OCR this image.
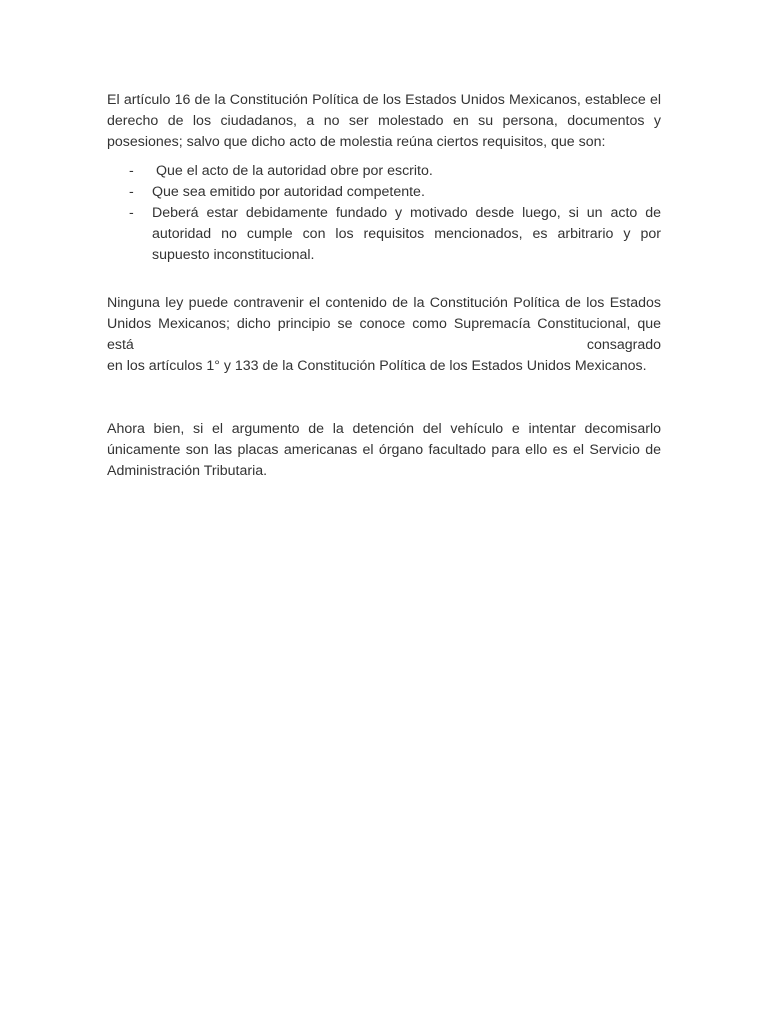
El artículo 16 de la Constitución Política de los Estados Unidos Mexicanos, establece el derecho de los ciudadanos, a no ser molestado en su persona, documentos y posesiones; salvo que dicho acto de molestia reúna ciertos requisitos, que son:

- Que el acto de la autoridad obre por escrito.
- Que sea emitido por autoridad competente.
- Deberá estar debidamente fundado y motivado desde luego, si un acto de autoridad no cumple con los requisitos mencionados, es arbitrario y por supuesto inconstitucional.

Ninguna ley puede contravenir el contenido de la Constitución Política de los Estados Unidos Mexicanos; dicho principio se conoce como Supremacía Constitucional, que está consagrado
en los artículos 1° y 133 de la Constitución Política de los Estados Unidos Mexicanos.

Ahora bien, si el argumento de la detención del vehículo e intentar decomisarlo únicamente son las placas americanas el órgano facultado para ello es el Servicio de Administración Tributaria.
